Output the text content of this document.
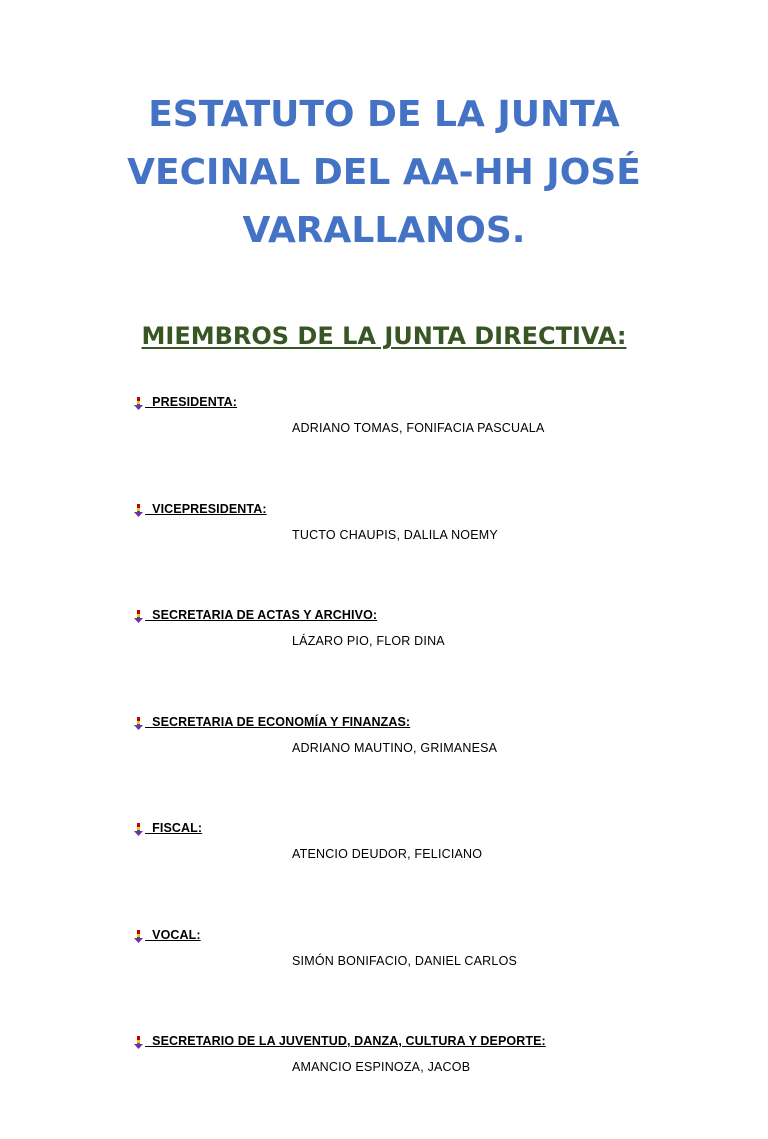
ESTATUTO DE LA JUNTA
VECINAL DEL AA-HH JOSÉ
VARALLANOS.
MIEMBROS DE LA JUNTA DIRECTIVA:
PRESIDENTA:
ADRIANO TOMAS, FONIFACIA PASCUALA
VICEPRESIDENTA:
TUCTO CHAUPIS, DALILA NOEMY
SECRETARIA DE ACTAS Y ARCHIVO:
LÁZARO PIO, FLOR DINA
SECRETARIA DE ECONOMÍA Y FINANZAS:
ADRIANO MAUTINO, GRIMANESA
FISCAL:
ATENCIO DEUDOR, FELICIANO
VOCAL:
SIMÓN BONIFACIO, DANIEL CARLOS
SECRETARIO DE LA JUVENTUD, DANZA, CULTURA Y DEPORTE:
AMANCIO ESPINOZA, JACOB
